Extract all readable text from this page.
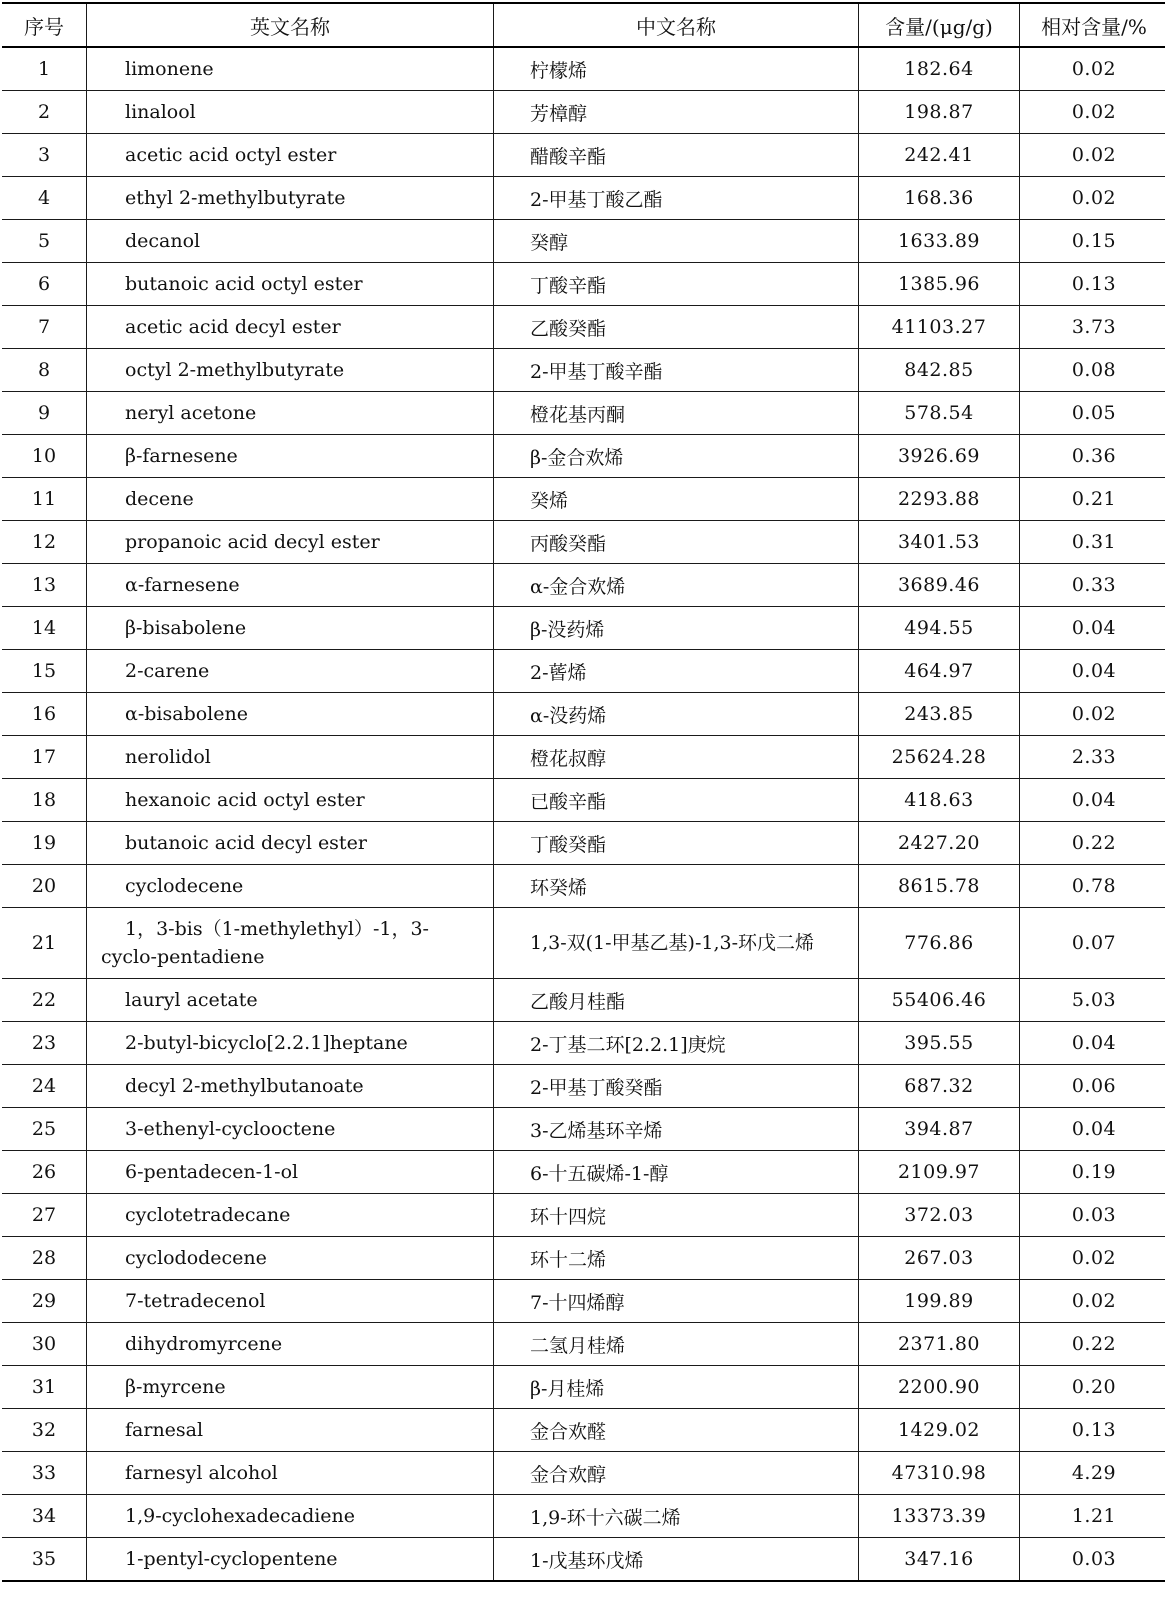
序号	英文名称	中文名称	含量/(μg/g)	相对含量/%
1	limonene	柠檬烯	182.64	0.02
2	linalool	芳樟醇	198.87	0.02
3	acetic acid octyl ester	醋酸辛酯	242.41	0.02
4	ethyl 2-methylbutyrate	2-甲基丁酸乙酯	168.36	0.02
5	decanol	癸醇	1633.89	0.15
6	butanoic acid octyl ester	丁酸辛酯	1385.96	0.13
7	acetic acid decyl ester	乙酸癸酯	41103.27	3.73
8	octyl 2-methylbutyrate	2-甲基丁酸辛酯	842.85	0.08
9	neryl acetone	橙花基丙酮	578.54	0.05
10	β-farnesene	β-金合欢烯	3926.69	0.36
11	decene	癸烯	2293.88	0.21
12	propanoic acid decyl ester	丙酸癸酯	3401.53	0.31
13	α-farnesene	α-金合欢烯	3689.46	0.33
14	β-bisabolene	β-没药烯	494.55	0.04
15	2-carene	2-蒈烯	464.97	0.04
16	α-bisabolene	α-没药烯	243.85	0.02
17	nerolidol	橙花叔醇	25624.28	2.33
18	hexanoic acid octyl ester	已酸辛酯	418.63	0.04
19	butanoic acid decyl ester	丁酸癸酯	2427.20	0.22
20	cyclodecene	环癸烯	8615.78	0.78
21	1，3-bis（1-methylethyl）-1，3-cyclo-pentadiene	1,3-双(1-甲基乙基)-1,3-环戊二烯	776.86	0.07
22	lauryl acetate	乙酸月桂酯	55406.46	5.03
23	2-butyl-bicyclo[2.2.1]heptane	2-丁基二环[2.2.1]庚烷	395.55	0.04
24	decyl 2-methylbutanoate	2-甲基丁酸癸酯	687.32	0.06
25	3-ethenyl-cyclooctene	3-乙烯基环辛烯	394.87	0.04
26	6-pentadecen-1-ol	6-十五碳烯-1-醇	2109.97	0.19
27	cyclotetradecane	环十四烷	372.03	0.03
28	cyclododecene	环十二烯	267.03	0.02
29	7-tetradecenol	7-十四烯醇	199.89	0.02
30	dihydromyrcene	二氢月桂烯	2371.80	0.22
31	β-myrcene	β-月桂烯	2200.90	0.20
32	farnesal	金合欢醛	1429.02	0.13
33	farnesyl alcohol	金合欢醇	47310.98	4.29
34	1,9-cyclohexadecadiene	1,9-环十六碳二烯	13373.39	1.21
35	1-pentyl-cyclopentene	1-戊基环戊烯	347.16	0.03
